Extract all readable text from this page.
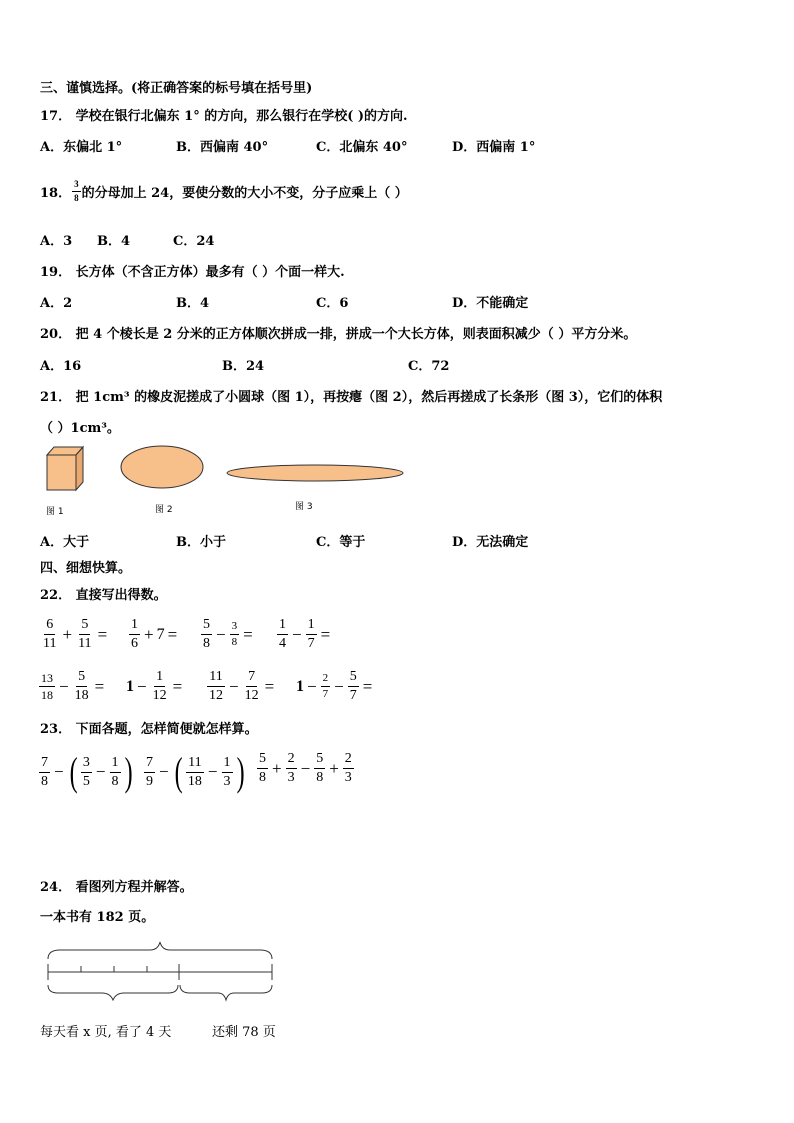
三、谨慎选择。(将正确答案的标号填在括号里)
17． 学校在银行北偏东 1° 的方向，那么银行在学校( )的方向.
A．东偏北 1°	B．西偏南 40°	C．北偏东 40°	D．西偏南 1°
18． $\frac{3}{8}$ 的分母加上 24，要使分数的大小不变，分子应乘上（ ）
A．3 B．4	C．24
19． 长方体（不含正方体）最多有（ ）个面一样大.
A．2	B．4	C．6	D．不能确定
20． 把 4 个棱长是 2 分米的正方体顺次拼成一排，拼成一个大长方体，则表面积减少（ ）平方分米。
A．16	B．24	C．72
21． 把 1cm³ 的橡皮泥搓成了小圆球（图 1），再按瘪（图 2），然后再搓成了长条形（图 3），它们的体积
（ ）1cm³。
图 1	图 2	图 3
A．大于	B．小于	C．等于	D．无法确定
四、细想快算。
22． 直接写出得数。
$\frac{6}{11} + \frac{5}{11} = \frac{1}{6} + 7 = \frac{5}{8} - \frac{3}{8} = \frac{1}{4} - \frac{1}{7}$ =
$\frac{13}{18} - \frac{5}{18} = 1 - \frac{1}{12} = \frac{11}{12} - \frac{7}{12} = 1 - \frac{2}{7} - \frac{5}{7}$ =
23． 下面各题，怎样简便就怎样算。
$\frac{7}{8}$ − ( $\frac{3}{5} - \frac{1}{8}$ ) $\frac{7}{9}$ − ( $\frac{11}{18} - \frac{1}{3}$ ) $\frac{5}{8} + \frac{2}{3} - \frac{5}{8} + \frac{2}{3}$
24． 看图列方程并解答。
一本书有 182 页。
每天看 x 页, 看了 4 天	还剩 78 页
